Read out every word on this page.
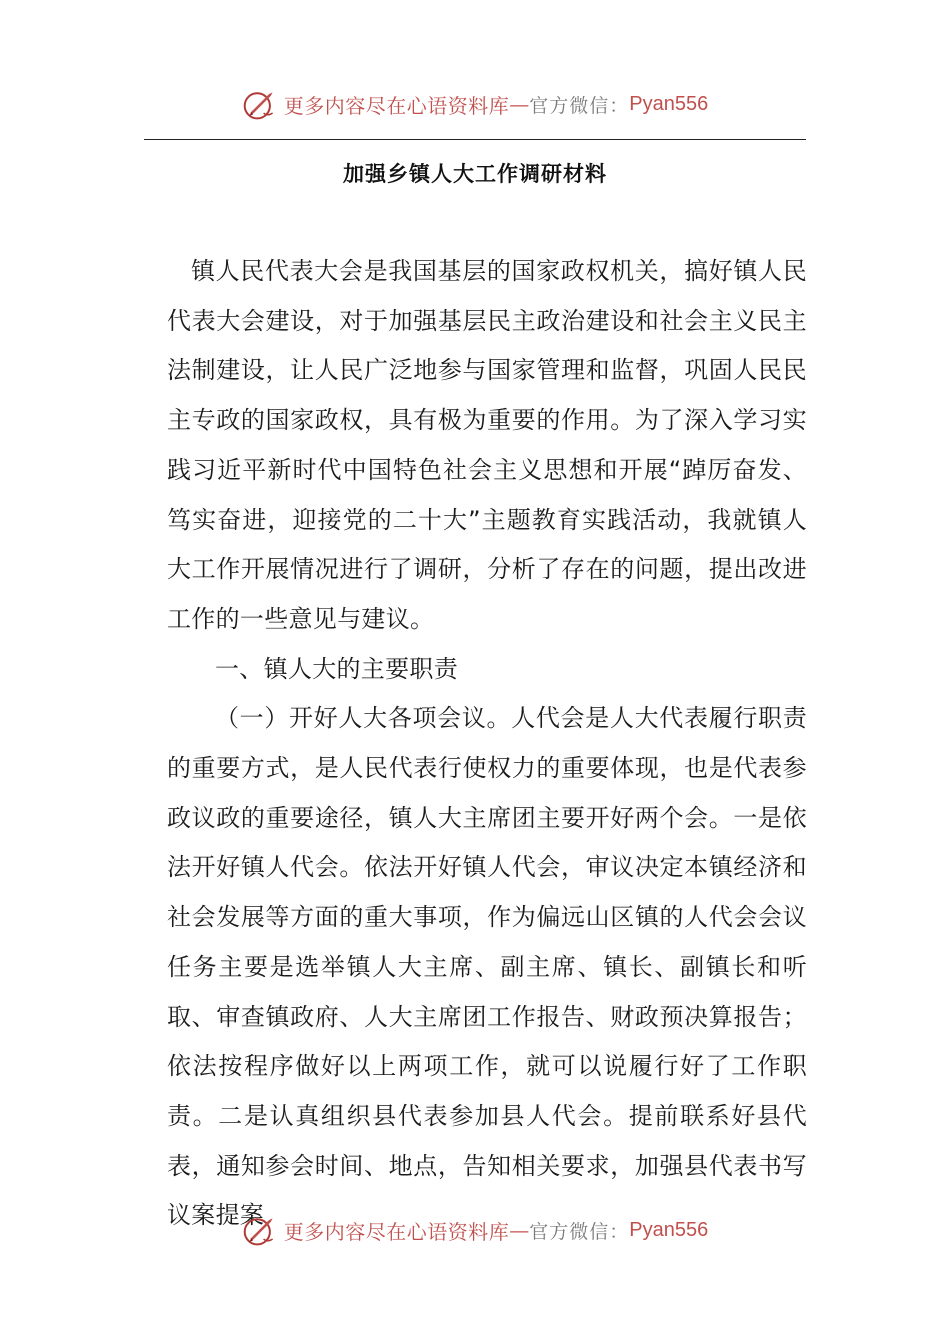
更多内容尽在心语资料库 — 官方微信： Pyan556
加强乡镇人大工作调研材料

镇人民代表大会是我国基层的国家政权机关，搞好镇人民代表大会建设，对于加强基层民主政治建设和社会主义民主法制建设，让人民广泛地参与国家管理和监督，巩固人民民主专政的国家政权，具有极为重要的作用。为了深入学习实践习近平新时代中国特色社会主义思想和开展“踔厉奋发、笃实奋进，迎接党的二十大”主题教育实践活动，我就镇人大工作开展情况进行了调研，分析了存在的问题，提出改进工作的一些意见与建议。

一、镇人大的主要职责

（一）开好人大各项会议。人代会是人大代表履行职责的重要方式，是人民代表行使权力的重要体现，也是代表参政议政的重要途径，镇人大主席团主要开好两个会。一是依法开好镇人代会。依法开好镇人代会，审议决定本镇经济和社会发展等方面的重大事项，作为偏远山区镇的人代会会议任务主要是选举镇人大主席、副主席、镇长、副镇长和听取、审查镇政府、人大主席团工作报告、财政预决算报告；依法按程序做好以上两项工作，就可以说履行好了工作职责。二是认真组织县代表参加县人代会。提前联系好县代表，通知参会时间、地点，告知相关要求，加强县代表书写议案提案

更多内容尽在心语资料库 — 官方微信： Pyan556
